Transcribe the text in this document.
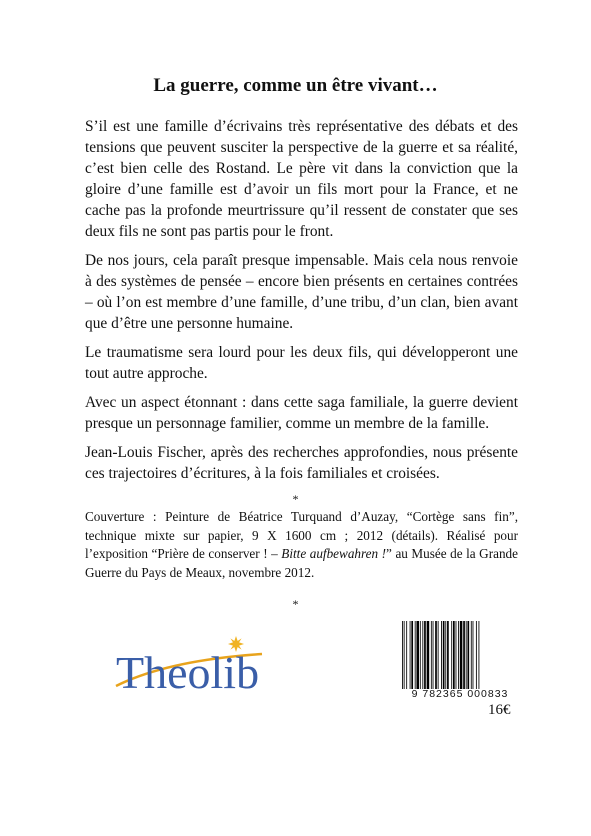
La guerre, comme un être vivant…

S’il est une famille d’écrivains très représentative des débats et des tensions que peuvent susciter la perspective de la guerre et sa réalité, c’est bien celle des Rostand. Le père vit dans la conviction que la gloire d’une famille est d’avoir un fils mort pour la France, et ne cache pas la profonde meurtrissure qu’il ressent de constater que ses deux fils ne sont pas partis pour le front.

De nos jours, cela paraît presque impensable. Mais cela nous renvoie à des systèmes de pensée – encore bien présents en certaines contrées – où l’on est membre d’une famille, d’une tribu, d’un clan, bien avant que d’être une personne humaine.

Le traumatisme sera lourd pour les deux fils, qui développeront une tout autre approche.

Avec un aspect étonnant : dans cette saga familiale, la guerre devient presque un personnage familier, comme un membre de la famille.

Jean-Louis Fischer, après des recherches approfondies, nous présente ces trajectoires d’écritures, à la fois familiales et croisées.

*
Couverture : Peinture de Béatrice Turquand d’Auzay, “Cortège sans fin”, technique mixte sur papier, 9 X 1600 cm ; 2012 (détails). Réalisé pour l’exposition “Prière de conserver ! – Bitte aufbewahren !” au Musée de la Grande Guerre du Pays de Meaux, novembre 2012.
*
Theolib	9 782365 000833
16€
